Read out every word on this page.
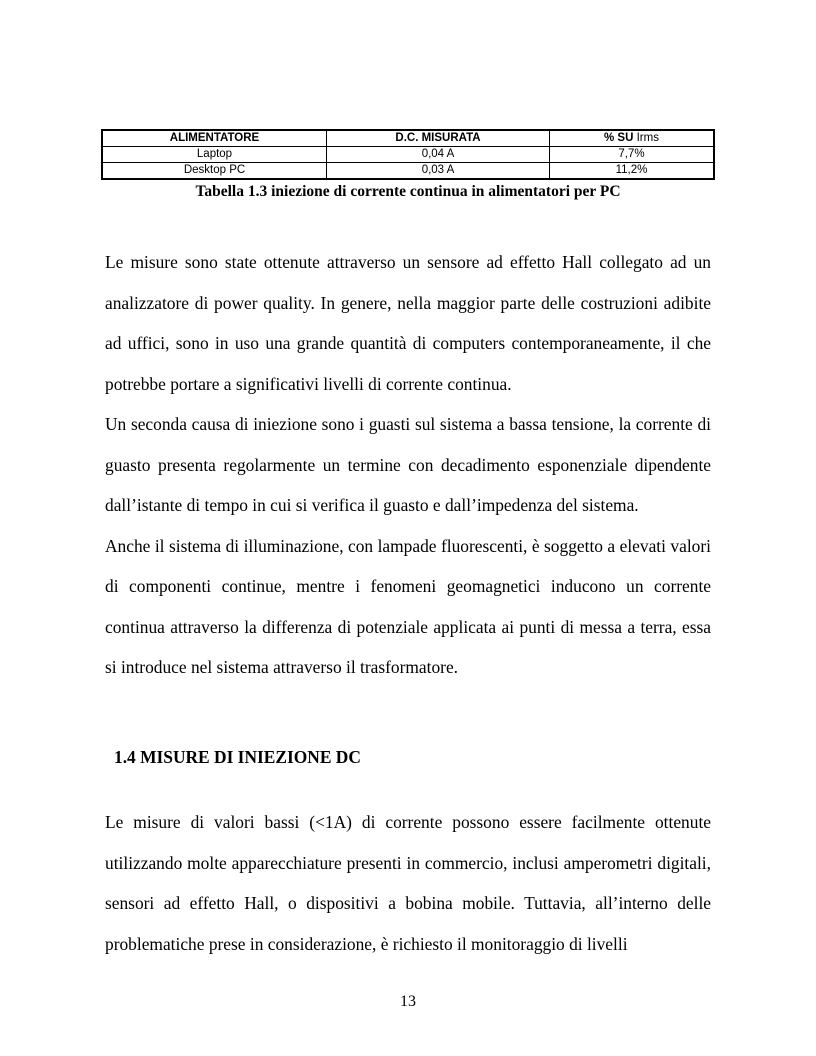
ALIMENTATORE	D.C. MISURATA	% SU Irms
Laptop	0,04 A	7,7%
Desktop PC	0,03 A	11,2%
Tabella 1.3 iniezione di corrente continua in alimentatori per PC

Le misure sono state ottenute attraverso un sensore ad effetto Hall collegato ad un analizzatore di power quality. In genere, nella maggior parte delle costruzioni adibite ad uffici, sono in uso una grande quantità di computers contemporaneamente, il che potrebbe portare a significativi livelli di corrente continua.

Un seconda causa di iniezione sono i guasti sul sistema a bassa tensione, la corrente di guasto presenta regolarmente un termine con decadimento esponenziale dipendente dall’istante di tempo in cui si verifica il guasto e dall’impedenza del sistema.

Anche il sistema di illuminazione, con lampade fluorescenti, è soggetto a elevati valori di componenti continue, mentre i fenomeni geomagnetici inducono un corrente continua attraverso la differenza di potenziale applicata ai punti di messa a terra, essa si introduce nel sistema attraverso il trasformatore.

1.4 MISURE DI INIEZIONE DC

Le misure di valori bassi (<1A) di corrente possono essere facilmente ottenute utilizzando molte apparecchiature presenti in commercio, inclusi amperometri digitali, sensori ad effetto Hall, o dispositivi a bobina mobile. Tuttavia, all’interno delle problematiche prese in considerazione, è richiesto il monitoraggio di livelli

13
